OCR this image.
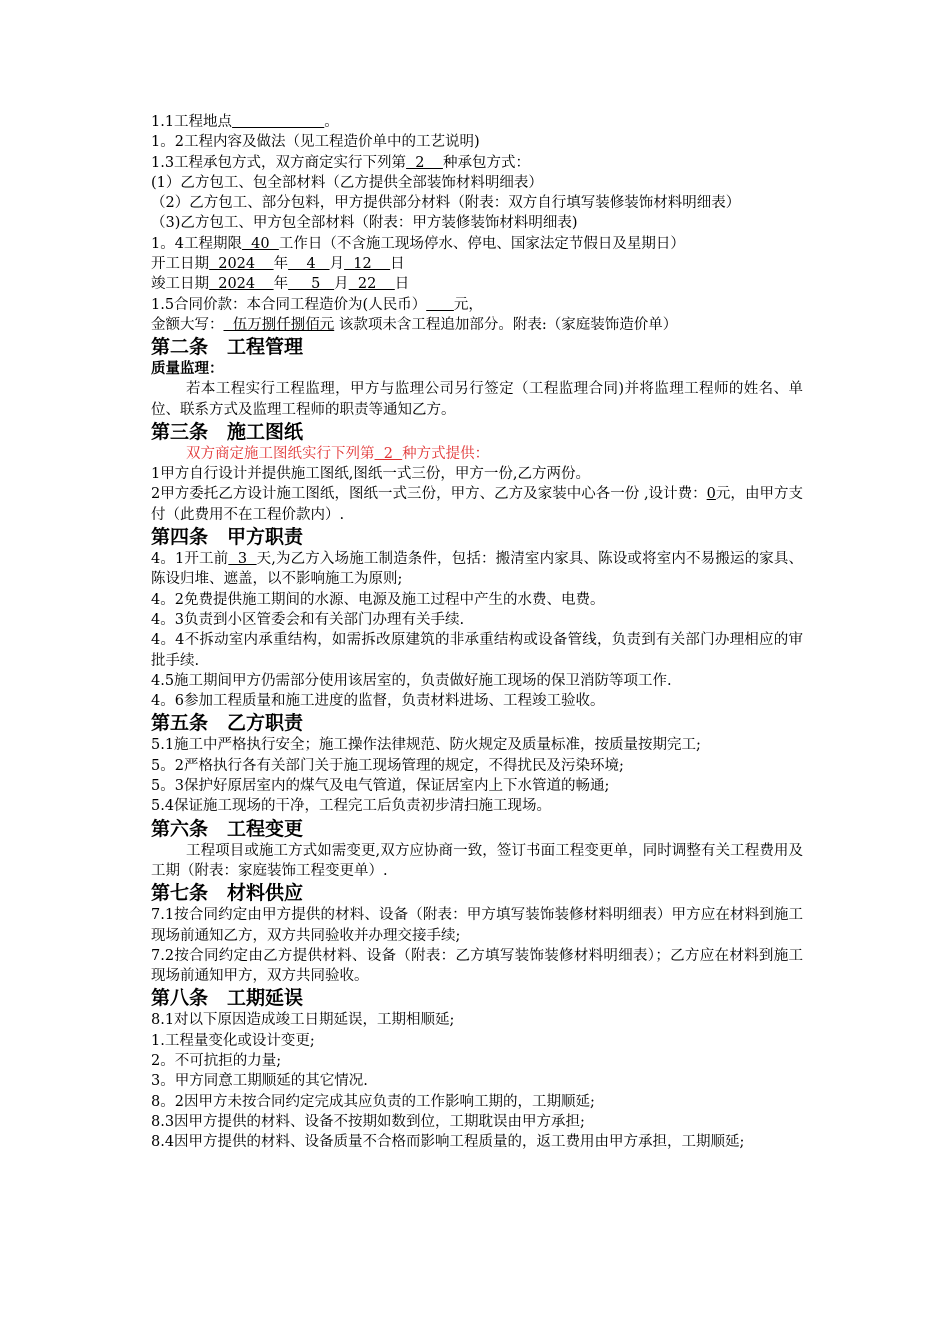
1.1工程地点	。

1。2工程内容及做法（见工程造价单中的工艺说明)

1.3工程承包方式，双方商定实行下列第  2    种承包方式：

(1）乙方包工、包全部材料（乙方提供全部装饰材料明细表）

（2）乙方包工、部分包料，甲方提供部分材料（附表：双方自行填写装修装饰材料明细表）

（3)乙方包工、甲方包全部材料（附表：甲方装修装饰材料明细表)

1。4工程期限  40  工作日（不含施工现场停水、停电、国家法定节假日及星期日）

开工日期  2024    年    4   月  12    日

竣工日期  2024    年     5   月  22    日

1.5合同价款：本合同工程造价为(人民币） 元，

金额大写：  伍万捌仟捌佰元 该款项未含工程追加部分。附表:（家庭装饰造价单）

第二条　工程管理

质量监理：

若本工程实行工程监理，甲方与监理公司另行签定（工程监理合同)并将监理工程师的姓名、单位、联系方式及监理工程师的职责等通知乙方。

第三条　施工图纸

双方商定施工图纸实行下列第  2  种方式提供：

1甲方自行设计并提供施工图纸,图纸一式三份，甲方一份,乙方两份。

2甲方委托乙方设计施工图纸，图纸一式三份，甲方、乙方及家装中心各一份 ,设计费：0元，由甲方支付（此费用不在工程价款内）.

第四条　甲方职责

4。1开工前  3  天,为乙方入场施工制造条件，包括：搬清室内家具、陈设或将室内不易搬运的家具、陈设归堆、遮盖，以不影响施工为原则;

4。2免费提供施工期间的水源、电源及施工过程中产生的水费、电费。

4。3负责到小区管委会和有关部门办理有关手续.

4。4不拆动室内承重结构，如需拆改原建筑的非承重结构或设备管线，负责到有关部门办理相应的审批手续.

4.5施工期间甲方仍需部分使用该居室的，负责做好施工现场的保卫消防等项工作.

4。6参加工程质量和施工进度的监督，负责材料进场、工程竣工验收。

第五条　乙方职责

5.1施工中严格执行安全；施工操作法律规范、防火规定及质量标准，按质量按期完工;

5。2严格执行各有关部门关于施工现场管理的规定，不得扰民及污染环境;

5。3保护好原居室内的煤气及电气管道，保证居室内上下水管道的畅通;

5.4保证施工现场的干净，工程完工后负责初步清扫施工现场。

第六条　工程变更

工程项目或施工方式如需变更,双方应协商一致，签订书面工程变更单，同时调整有关工程费用及工期（附表：家庭装饰工程变更单）.

第七条　材料供应

7.1按合同约定由甲方提供的材料、设备（附表：甲方填写装饰装修材料明细表）甲方应在材料到施工现场前通知乙方，双方共同验收并办理交接手续;

7.2按合同约定由乙方提供材料、设备（附表：乙方填写装饰装修材料明细表）；乙方应在材料到施工现场前通知甲方，双方共同验收。

第八条　工期延误

8.1对以下原因造成竣工日期延误，工期相顺延;

1.工程量变化或设计变更;

2。不可抗拒的力量;

3。甲方同意工期顺延的其它情况.

8。2因甲方未按合同约定完成其应负责的工作影响工期的，工期顺延;

8.3因甲方提供的材料、设备不按期如数到位，工期耽误由甲方承担;

8.4因甲方提供的材料、设备质量不合格而影响工程质量的，返工费用由甲方承担，工期顺延;
